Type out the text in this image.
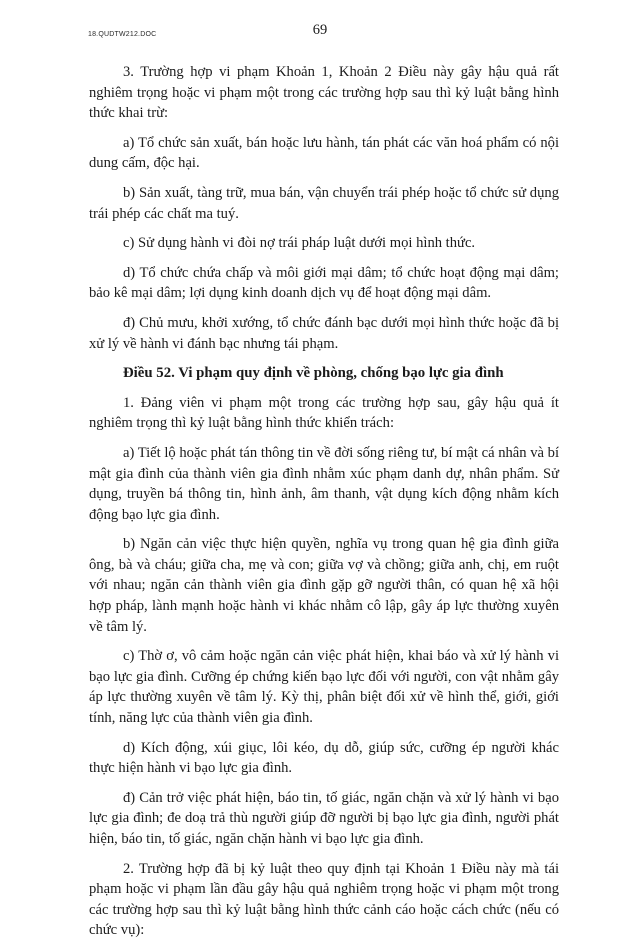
18.QUDTW212.DOC	69

3. Trường hợp vi phạm Khoản 1, Khoản 2 Điều này gây hậu quả rất nghiêm trọng hoặc vi phạm một trong các trường hợp sau thì kỷ luật bằng hình thức khai trừ:

a) Tổ chức sản xuất, bán hoặc lưu hành, tán phát các văn hoá phẩm có nội dung cấm, độc hại.

b) Sản xuất, tàng trữ, mua bán, vận chuyển trái phép hoặc tổ chức sử dụng trái phép các chất ma tuý.

c) Sử dụng hành vi đòi nợ trái pháp luật dưới mọi hình thức.

d) Tổ chức chứa chấp và môi giới mại dâm; tổ chức hoạt động mại dâm; bảo kê mại dâm; lợi dụng kinh doanh dịch vụ để hoạt động mại dâm.

đ) Chủ mưu, khởi xướng, tổ chức đánh bạc dưới mọi hình thức hoặc đã bị xử lý về hành vi đánh bạc nhưng tái phạm.

Điều 52. Vi phạm quy định về phòng, chống bạo lực gia đình

1. Đảng viên vi phạm một trong các trường hợp sau, gây hậu quả ít nghiêm trọng thì kỷ luật bằng hình thức khiển trách:

a) Tiết lộ hoặc phát tán thông tin về đời sống riêng tư, bí mật cá nhân và bí mật gia đình của thành viên gia đình nhằm xúc phạm danh dự, nhân phẩm. Sử dụng, truyền bá thông tin, hình ảnh, âm thanh, vật dụng kích động nhằm kích động bạo lực gia đình.

b) Ngăn cản việc thực hiện quyền, nghĩa vụ trong quan hệ gia đình giữa ông, bà và cháu; giữa cha, mẹ và con; giữa vợ và chồng; giữa anh, chị, em ruột với nhau; ngăn cản thành viên gia đình gặp gỡ người thân, có quan hệ xã hội hợp pháp, lành mạnh hoặc hành vi khác nhằm cô lập, gây áp lực thường xuyên về tâm lý.

c) Thờ ơ, vô cảm hoặc ngăn cản việc phát hiện, khai báo và xử lý hành vi bạo lực gia đình. Cưỡng ép chứng kiến bạo lực đối với người, con vật nhằm gây áp lực thường xuyên về tâm lý. Kỳ thị, phân biệt đối xử về hình thể, giới, giới tính, năng lực của thành viên gia đình.

d) Kích động, xúi giục, lôi kéo, dụ dỗ, giúp sức, cưỡng ép người khác thực hiện hành vi bạo lực gia đình.

đ) Cản trở việc phát hiện, báo tin, tố giác, ngăn chặn và xử lý hành vi bạo lực gia đình; đe doạ trả thù người giúp đỡ người bị bạo lực gia đình, người phát hiện, báo tin, tố giác, ngăn chặn hành vi bạo lực gia đình.

2. Trường hợp đã bị kỷ luật theo quy định tại Khoản 1 Điều này mà tái phạm hoặc vi phạm lần đầu gây hậu quả nghiêm trọng hoặc vi phạm một trong các trường hợp sau thì kỷ luật bằng hình thức cảnh cáo hoặc cách chức (nếu có chức vụ):
